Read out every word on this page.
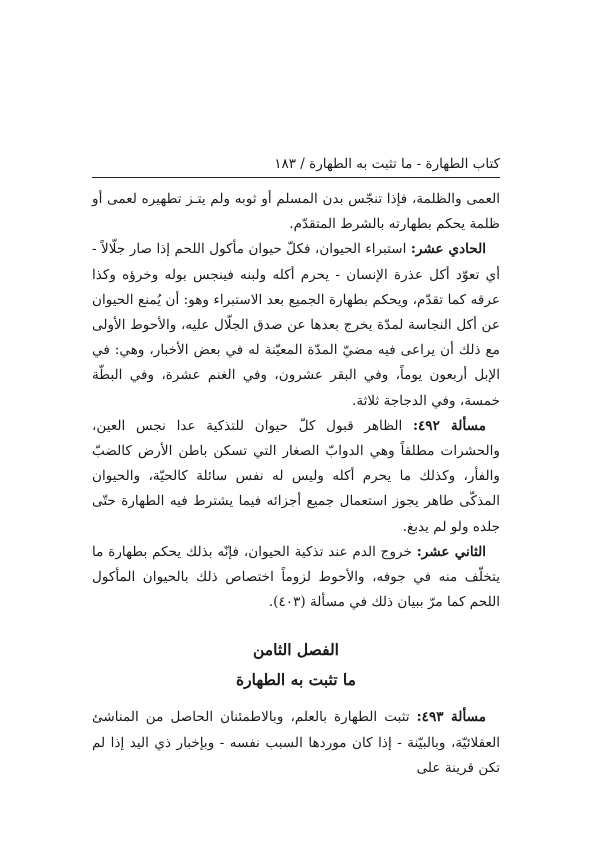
كتاب الطهارة - ما تثبت به الطهارة / ١٨٣

العمى والظلمة، فإذا تنجّس بدن المسلم أو ثوبه ولم يتـز تطهيره لعمى أو ظلمة يحكم بطهارته بالشرط المتقدّم.

الحادي عشر: استبراء الحيوان، فكلّ حيوان مأكول اللحم إذا صار جلّالاً - أي تعوّد أكل عذرة الإنسان - يحرم أكله ولبنه فينجس بوله وخرؤه وكذا عرقه كما تقدّم، ويحكم بطهارة الجميع بعد الاستبراء وهو: أن يُمنع الحيوان عن أكل النجاسة لمدّة يخرج بعدها عن صدق الجلّال عليه، والأحوط الأولى مع ذلك أن يراعى فيه مضيّ المدّة المعيّنة له في بعض الأخبار، وهي: في الإبل أربعون يوماً، وفي البقر عشرون، وفي الغنم عشرة، وفي البطّة خمسة، وفي الدجاجة ثلاثة.

مسألة ٤٩٢: الظاهر قبول كلّ حيوان للتذكية عدا نجس العين، والحشرات مطلقاً وهي الدوابّ الصغار التي تسكن باطن الأرض كالضبّ والفأر، وكذلك ما يحرم أكله وليس له نفس سائلة كالحيّة، والحيوان المذكّى طاهر يجوز استعمال جميع أجزائه فيما يشترط فيه الطهارة حتّى جلده ولو لم يدبغ.

الثاني عشر: خروج الدم عند تذكية الحيوان، فإنّه بذلك يحكم بطهارة ما يتخلّف منه في جوفه، والأحوط لزوماً اختصاص ذلك بالحيوان المأكول اللحم كما مرّ ببيان ذلك في مسألة (٤٠٣).

الفصل الثامن
ما تثبت به الطهارة

مسألة ٤٩٣: تثبت الطهارة بالعلم، وبالاطمئنان الحاصل من المناشئ العقلائيّة، وبالبيّنة - إذا كان موردها السبب نفسه - وبإخبار ذي اليد إذا لم تكن قرينة على
